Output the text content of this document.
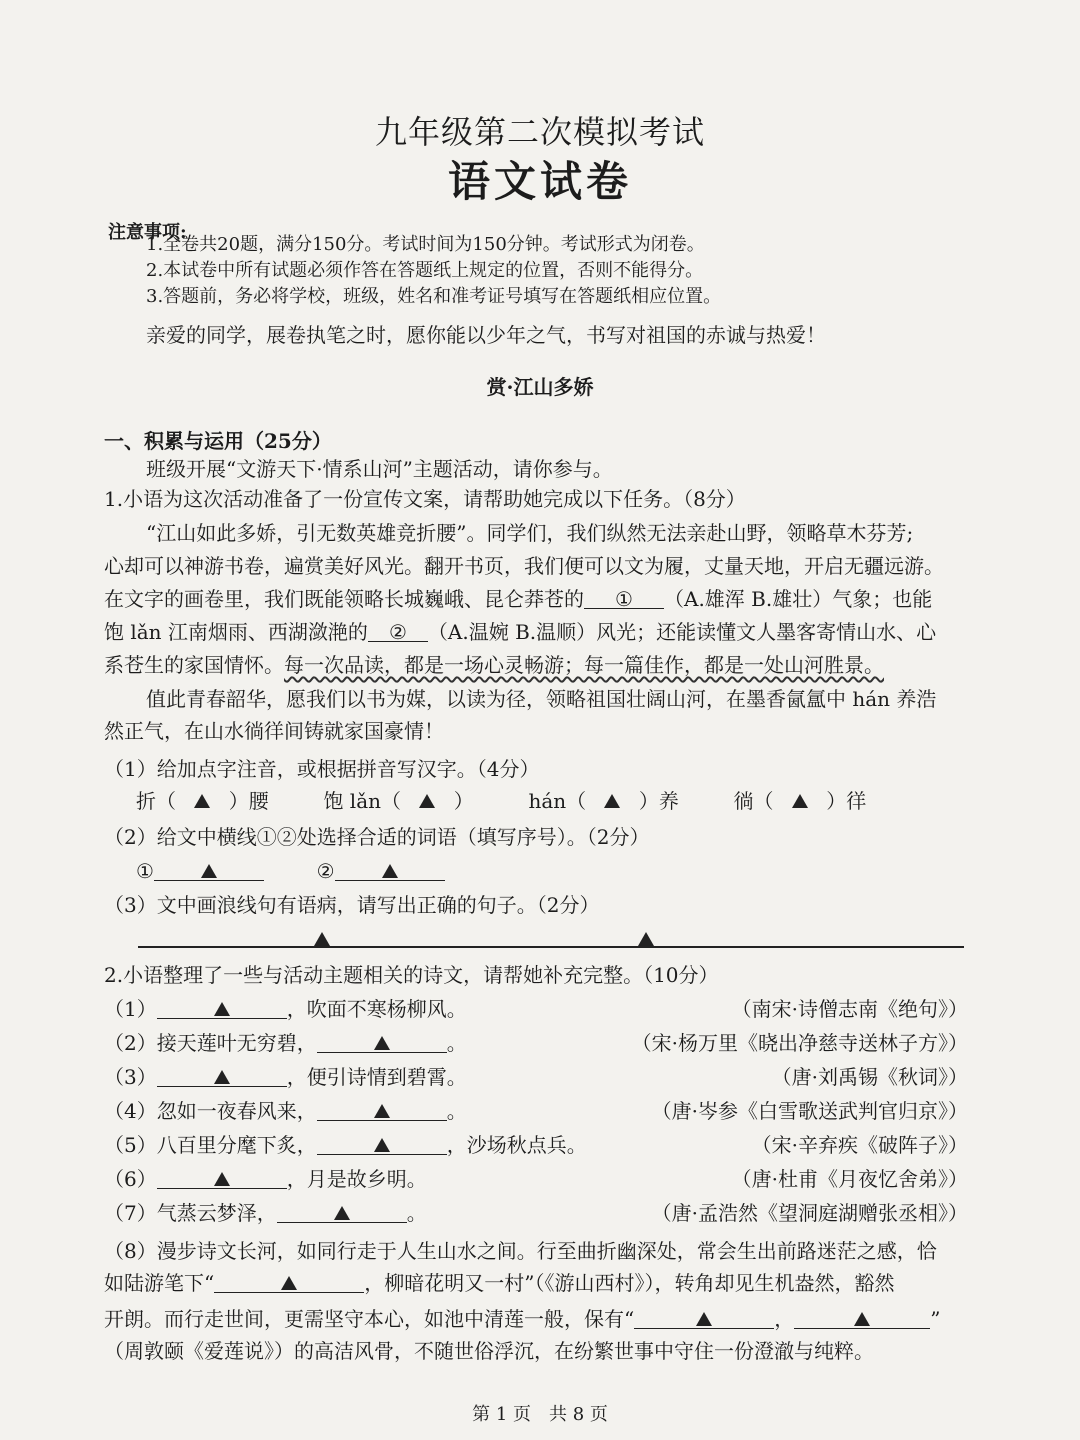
九年级第二次模拟考试
语文试卷
注意事项:
1.全卷共20题，满分150分。考试时间为150分钟。考试形式为闭卷。
2.本试卷中所有试题必须作答在答题纸上规定的位置，否则不能得分。
3.答题前，务必将学校，班级，姓名和准考证号填写在答题纸相应位置。
亲爱的同学，展卷执笔之时，愿你能以少年之气，书写对祖国的赤诚与热爱！
赏·江山多娇
一、积累与运用（25分）
班级开展“文游天下·情系山河”主题活动，请你参与。
1.小语为这次活动准备了一份宣传文案，请帮助她完成以下任务。（8分）
“江山如此多娇，引无数英雄竞折腰”。同学们，我们纵然无法亲赴山野，领略草木芬芳;
心却可以神游书卷，遍赏美好风光。翻开书页，我们便可以文为履，丈量天地，开启无疆远游。
在文字的画卷里，我们既能领略长城巍峨、昆仑莽苍的 ① （A.雄浑 B.雄壮）气象；也能
饱 lǎn 江南烟雨、西湖潋滟的 ② （A.温婉 B.温顺）风光；还能读懂文人墨客寄情山水、心
系苍生的家国情怀。每一次品读，都是一场心灵畅游；每一篇佳作，都是一处山河胜景。
值此青春韶华，愿我们以书为媒，以读为径，领略祖国壮阔山河，在墨香氤氲中 hán 养浩
然正气，在山水徜徉间铸就家国豪情！
（1）给加点字注音，或根据拼音写汉字。（4分）
折（	）腰	饱 lǎn（	）	hán（	）养	徜（	）徉
（2）给文中横线①②处选择合适的词语（填写序号）。（2分）
①	②
（3）文中画浪线句有语病，请写出正确的句子。（2分）
2.小语整理了一些与活动主题相关的诗文，请帮她补充完整。（10分）
（1）	，吹面不寒杨柳风。	（南宋·诗僧志南《绝句》）
（2）接天莲叶无穷碧，	。	（宋·杨万里《晓出净慈寺送林子方》）
（3）	，便引诗情到碧霄。	（唐·刘禹锡《秋词》）
（4）忽如一夜春风来，	。	（唐·岑参《白雪歌送武判官归京》）
（5）八百里分麾下炙，	，沙场秋点兵。	（宋·辛弃疾《破阵子》）
（6）	，月是故乡明。	（唐·杜甫《月夜忆舍弟》）
（7）气蒸云梦泽，	。	（唐·孟浩然《望洞庭湖赠张丞相》）
（8）漫步诗文长河，如同行走于人生山水之间。行至曲折幽深处，常会生出前路迷茫之感，恰
如陆游笔下“	，柳暗花明又一村”（《游山西村》），转角却见生机盎然，豁然
开朗。而行走世间，更需坚守本心，如池中清莲一般，保有“	，	”
（周敦颐《爱莲说》）的高洁风骨，不随世俗浮沉，在纷繁世事中守住一份澄澈与纯粹。
第 1 页　共 8 页
